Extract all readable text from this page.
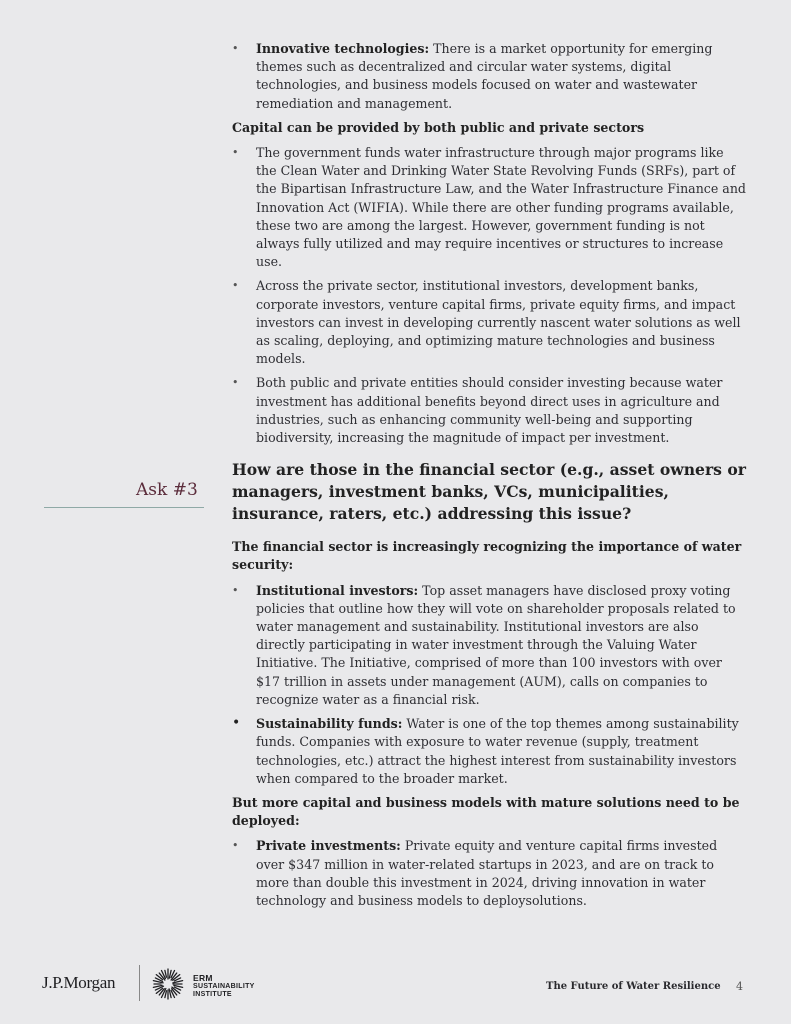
• Innovative technologies: There is a market opportunity for emerging themes such as decentralized and circular water systems, digital technologies, and business models focused on water and wastewater remediation and management.
Capital can be provided by both public and private sectors
• The government funds water infrastructure through major programs like the Clean Water and Drinking Water State Revolving Funds (SRFs), part of the Bipartisan Infrastructure Law, and the Water Infrastructure Finance and Innovation Act (WIFIA). While there are other funding programs available, these two are among the largest. However, government funding is not always fully utilized and may require incentives or structures to increase use.
• Across the private sector, institutional investors, development banks, corporate investors, venture capital firms, private equity firms, and impact investors can invest in developing currently nascent water solutions as well as scaling, deploying, and optimizing mature technologies and business models.
• Both public and private entities should consider investing because water investment has additional benefits beyond direct uses in agriculture and industries, such as enhancing community well-being and supporting biodiversity, increasing the magnitude of impact per investment.
How are those in the financial sector (e.g., asset owners or managers, investment banks, VCs, municipalities, insurance, raters, etc.) addressing this issue?
The financial sector is increasingly recognizing the importance of water security:
• Institutional investors: Top asset managers have disclosed proxy voting policies that outline how they will vote on shareholder proposals related to water management and sustainability. Institutional investors are also directly participating in water investment through the Valuing Water Initiative. The Initiative, comprised of more than 100 investors with over $17 trillion in assets under management (AUM), calls on companies to recognize water as a financial risk.
• Sustainability funds: Water is one of the top themes among sustainability funds. Companies with exposure to water revenue (supply, treatment technologies, etc.) attract the highest interest from sustainability investors when compared to the broader market.
But more capital and business models with mature solutions need to be deployed:
• Private investments: Private equity and venture capital firms invested over $347 million in water-related startups in 2023, and are on track to more than double this investment in 2024, driving innovation in water technology and business models to deploysolutions.
Ask #3
J.P.Morgan	ERM
SUSTAINABILITY
INSTITUTE
The Future of Water Resilience 4
